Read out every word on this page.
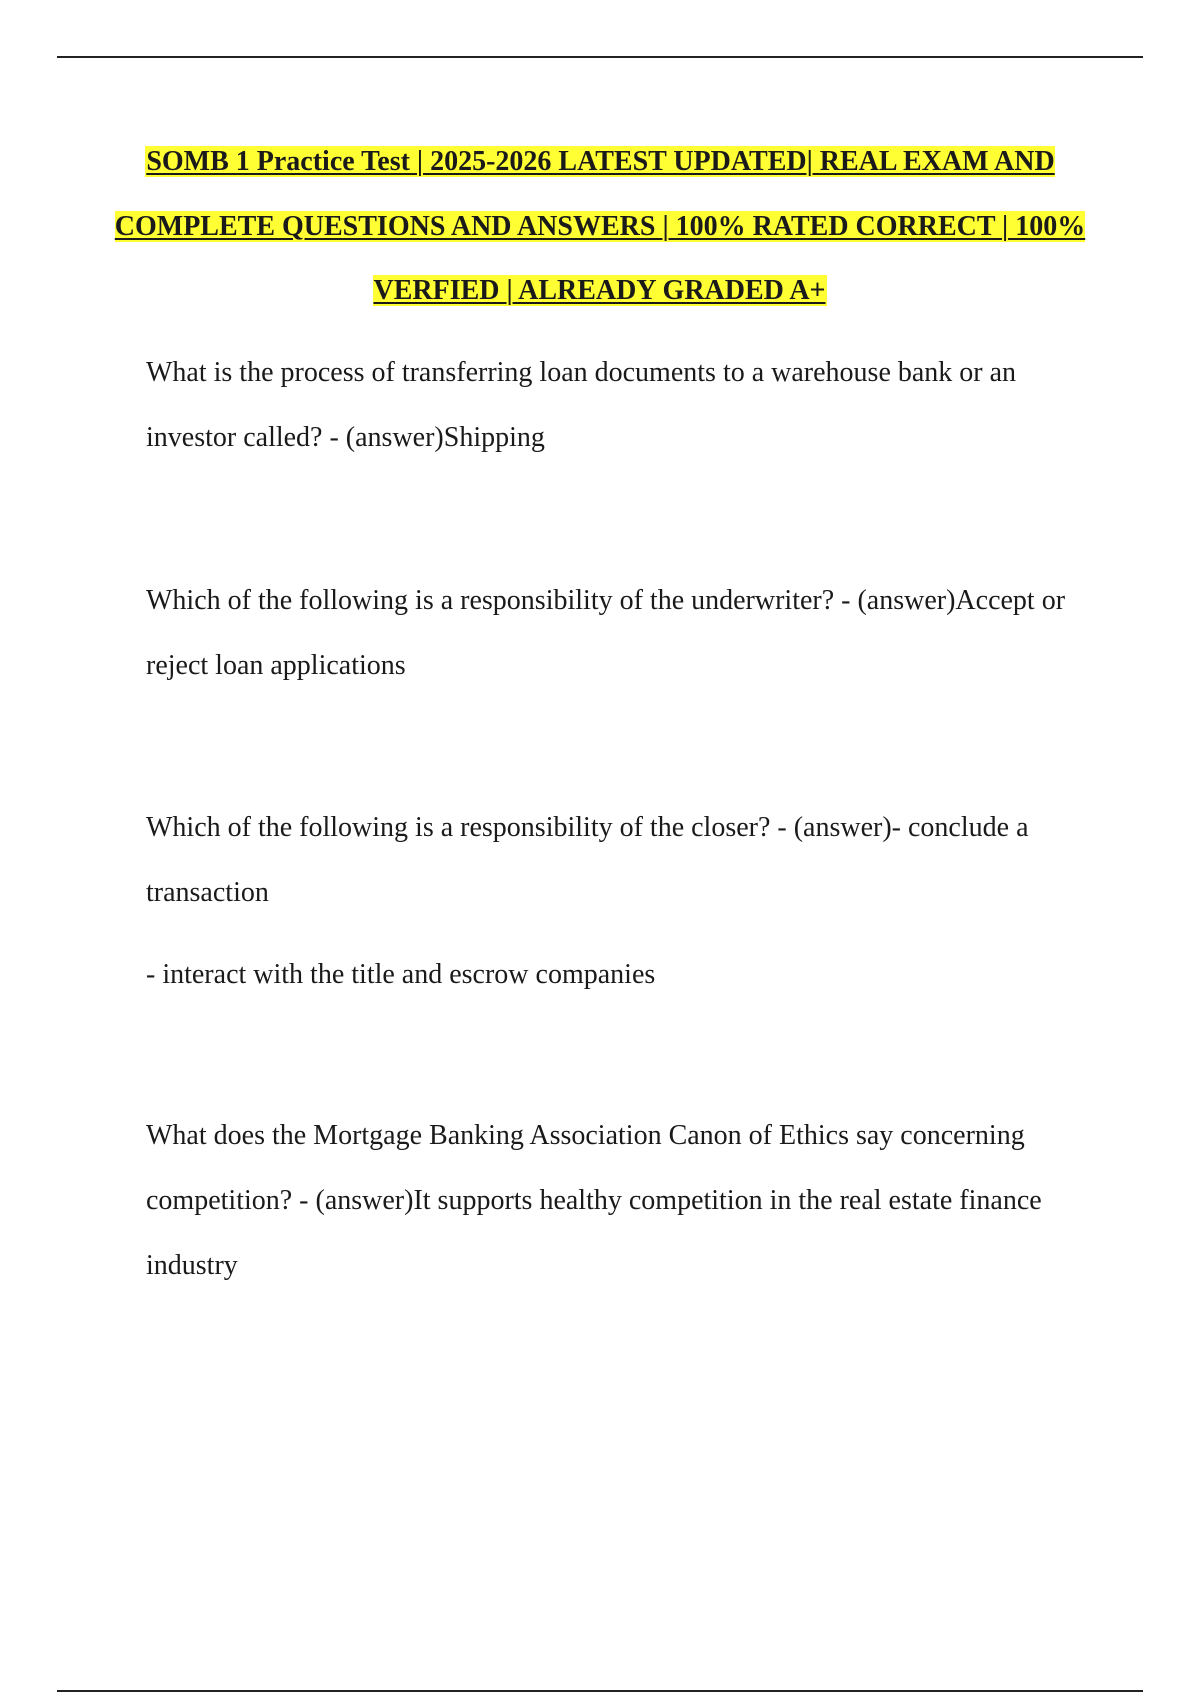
SOMB 1 Practice Test | 2025-2026 LATEST UPDATED| REAL EXAM AND COMPLETE QUESTIONS AND ANSWERS | 100% RATED CORRECT | 100% VERFIED | ALREADY GRADED A+

What is the process of transferring loan documents to a warehouse bank or an investor called? - (answer)Shipping

Which of the following is a responsibility of the underwriter? - (answer)Accept or reject loan applications

Which of the following is a responsibility of the closer? - (answer)- conclude a transaction

- interact with the title and escrow companies

What does the Mortgage Banking Association Canon of Ethics say concerning competition? - (answer)It supports healthy competition in the real estate finance industry
